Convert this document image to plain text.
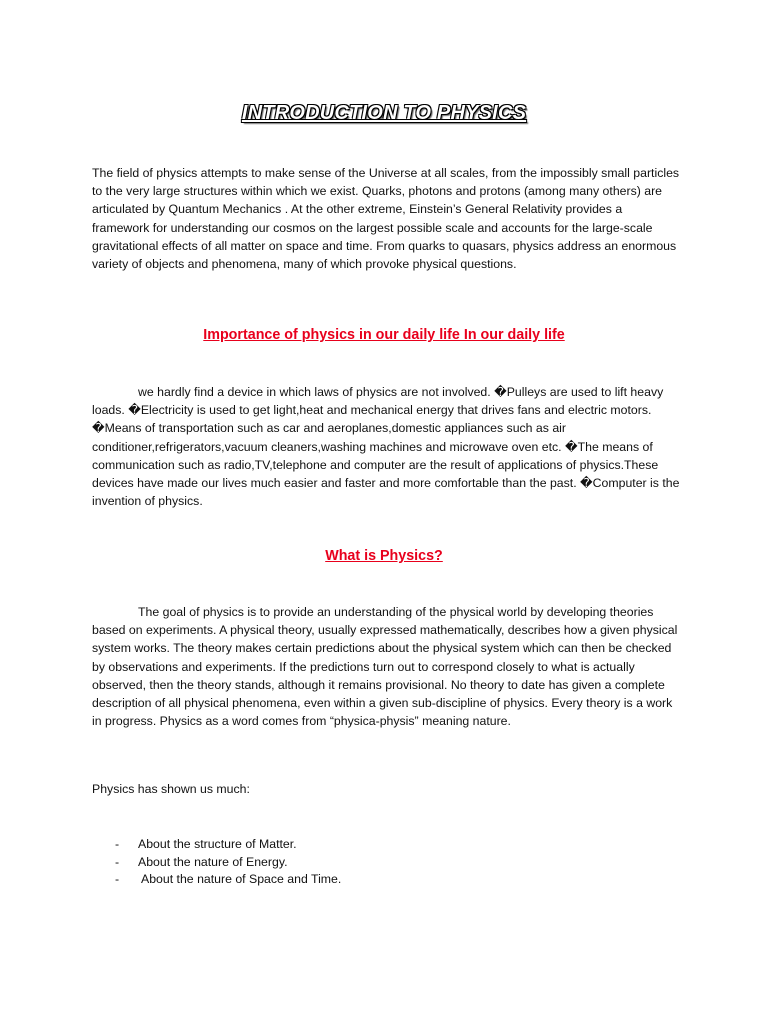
INTRODUCTION TO PHYSICS

The field of physics attempts to make sense of the Universe at all scales, from the impossibly small particles to the very large structures within which we exist. Quarks, photons and protons (among many others) are articulated by Quantum Mechanics . At the other extreme, Einstein’s General Relativity provides a framework for understanding our cosmos on the largest possible scale and accounts for the large-scale gravitational effects of all matter on space and time. From quarks to quasars, physics address an enormous variety of objects and phenomena, many of which provoke physical questions.

Importance of physics in our daily life In our daily life

we hardly find a device in which laws of physics are not involved. �Pulleys are used to lift heavy loads. �Electricity is used to get light,heat and mechanical energy that drives fans and electric motors. �Means of transportation such as car and aeroplanes,domestic appliances such as air conditioner,refrigerators,vacuum cleaners,washing machines and microwave oven etc. �The means of communication such as radio,TV,telephone and computer are the result of applications of physics.These devices have made our lives much easier and faster and more comfortable than the past. �Computer is the invention of physics.

What is Physics?

The goal of physics is to provide an understanding of the physical world by developing theories based on experiments. A physical theory, usually expressed mathematically, describes how a given physical system works. The theory makes certain predictions about the physical system which can then be checked by observations and experiments. If the predictions turn out to correspond closely to what is actually observed, then the theory stands, although it remains provisional. No theory to date has given a complete description of all physical phenomena, even within a given sub-discipline of physics. Every theory is a work in progress. Physics as a word comes from “physica-physis” meaning nature.

Physics has shown us much:

- About the structure of Matter.
- About the nature of Energy.
- About the nature of Space and Time.
